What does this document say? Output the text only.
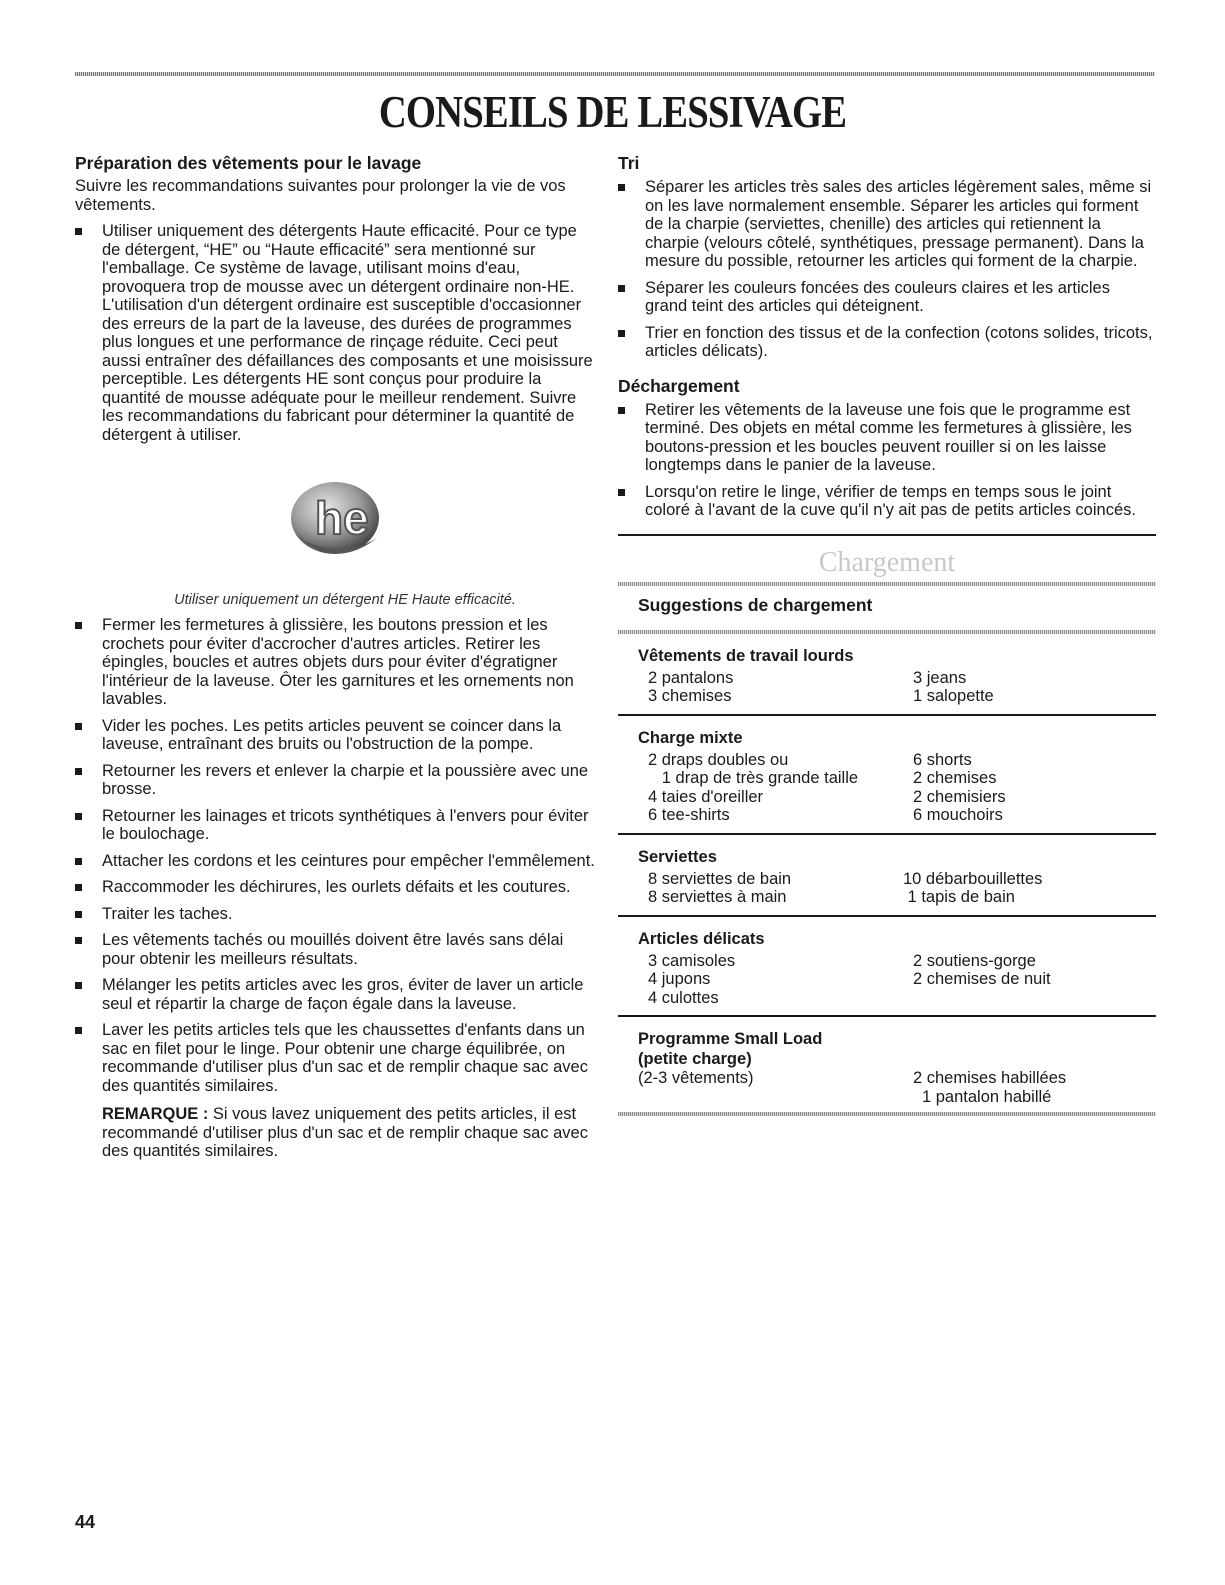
CONSEILS DE LESSIVAGE
Préparation des vêtements pour le lavage

Suivre les recommandations suivantes pour prolonger la vie de vos vêtements.

Utiliser uniquement des détergents Haute efficacité. Pour ce type de détergent, “HE” ou “Haute efficacité” sera mentionné sur l'emballage. Ce système de lavage, utilisant moins d'eau, provoquera trop de mousse avec un détergent ordinaire non-HE. L'utilisation d'un détergent ordinaire est susceptible d'occasionner des erreurs de la part de la laveuse, des durées de programmes plus longues et une performance de rinçage réduite. Ceci peut aussi entraîner des défaillances des composants et une moisissure perceptible. Les détergents HE sont conçus pour produire la quantité de mousse adéquate pour le meilleur rendement. Suivre les recommandations du fabricant pour déterminer la quantité de détergent à utiliser.
he
Utiliser uniquement un détergent HE Haute efficacité.
Fermer les fermetures à glissière, les boutons pression et les crochets pour éviter d'accrocher d'autres articles. Retirer les épingles, boucles et autres objets durs pour éviter d'égratigner l'intérieur de la laveuse. Ôter les garnitures et les ornements non lavables.
Vider les poches. Les petits articles peuvent se coincer dans la laveuse, entraînant des bruits ou l'obstruction de la pompe.
Retourner les revers et enlever la charpie et la poussière avec une brosse.
Retourner les lainages et tricots synthétiques à l'envers pour éviter le boulochage.
Attacher les cordons et les ceintures pour empêcher l'emmêlement.
Raccommoder les déchirures, les ourlets défaits et les coutures.
Traiter les taches.
Les vêtements tachés ou mouillés doivent être lavés sans délai pour obtenir les meilleurs résultats.
Mélanger les petits articles avec les gros, éviter de laver un article seul et répartir la charge de façon égale dans la laveuse.
Laver les petits articles tels que les chaussettes d'enfants dans un sac en filet pour le linge. Pour obtenir une charge équilibrée, on recommande d'utiliser plus d'un sac et de remplir chaque sac avec des quantités similaires.

REMARQUE : Si vous lavez uniquement des petits articles, il est recommandé d'utiliser plus d'un sac et de remplir chaque sac avec des quantités similaires.

Tri
Séparer les articles très sales des articles légèrement sales, même si on les lave normalement ensemble. Séparer les articles qui forment de la charpie (serviettes, chenille) des articles qui retiennent la charpie (velours côtelé, synthétiques, pressage permanent). Dans la mesure du possible, retourner les articles qui forment de la charpie.
Séparer les couleurs foncées des couleurs claires et les articles grand teint des articles qui déteignent.
Trier en fonction des tissus et de la confection (cotons solides, tricots, articles délicats).
Déchargement
Retirer les vêtements de la laveuse une fois que le programme est terminé. Des objets en métal comme les fermetures à glissière, les boutons-pression et les boucles peuvent rouiller si on les laisse longtemps dans le panier de la laveuse.
Lorsqu'on retire le linge, vérifier de temps en temps sous le joint coloré à l'avant de la cuve qu'il n'y ait pas de petits articles coincés.
Chargement
Suggestions de chargement
Vêtements de travail lourds
2 pantalons
3 chemises
3 jeans
1 salopette
Charge mixte
2 draps doubles ou
1 drap de très grande taille
4 taies d'oreiller
6 tee-shirts
6 shorts
2 chemises
2 chemisiers
6 mouchoirs
Serviettes
8 serviettes de bain
8 serviettes à main
10 débarbouillettes
1 tapis de bain
Articles délicats
3 camisoles
4 jupons
4 culottes
2 soutiens-gorge
2 chemises de nuit
Programme Small Load
(petite charge)
(2-3 vêtements)	2 chemises habillées
1 pantalon habillé
44
